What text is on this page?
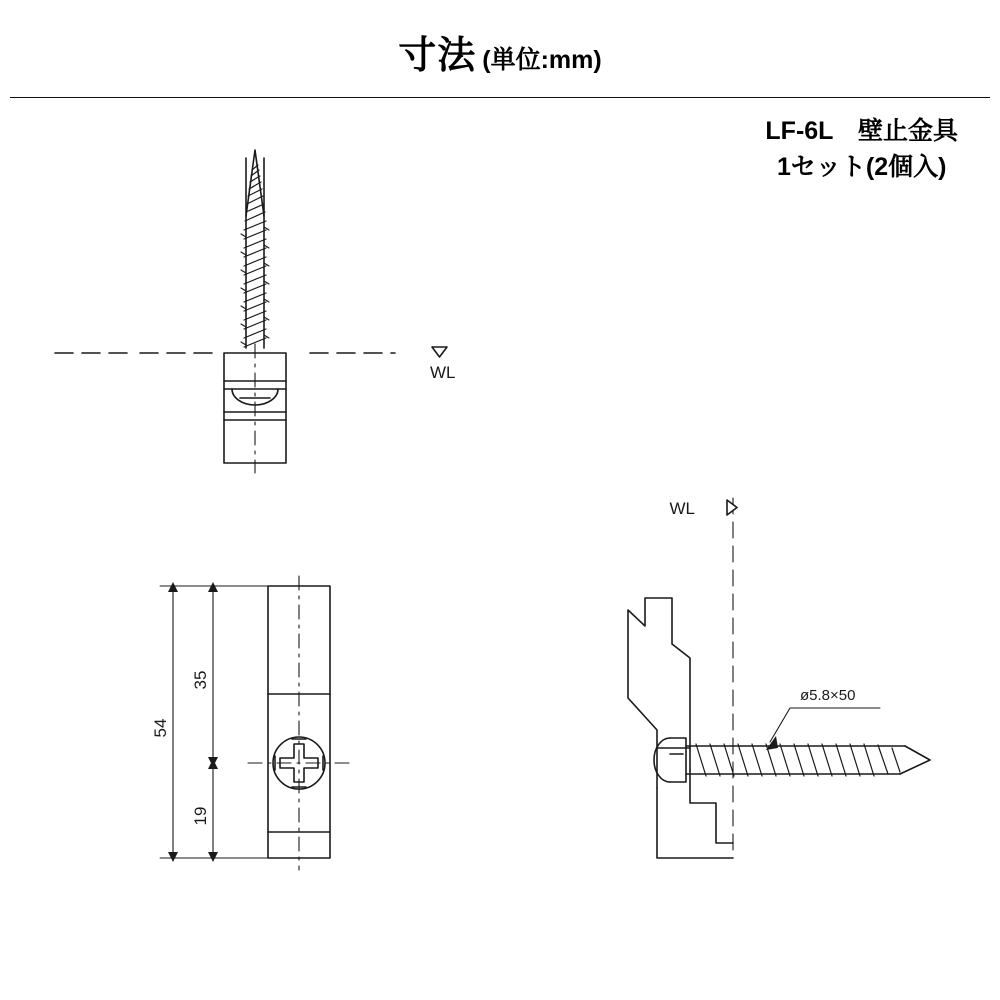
寸法 (単位:mm)
LF-6L　壁止金具
1セット(2個入)
WL
54
35
19
WL
ø5.8×50
